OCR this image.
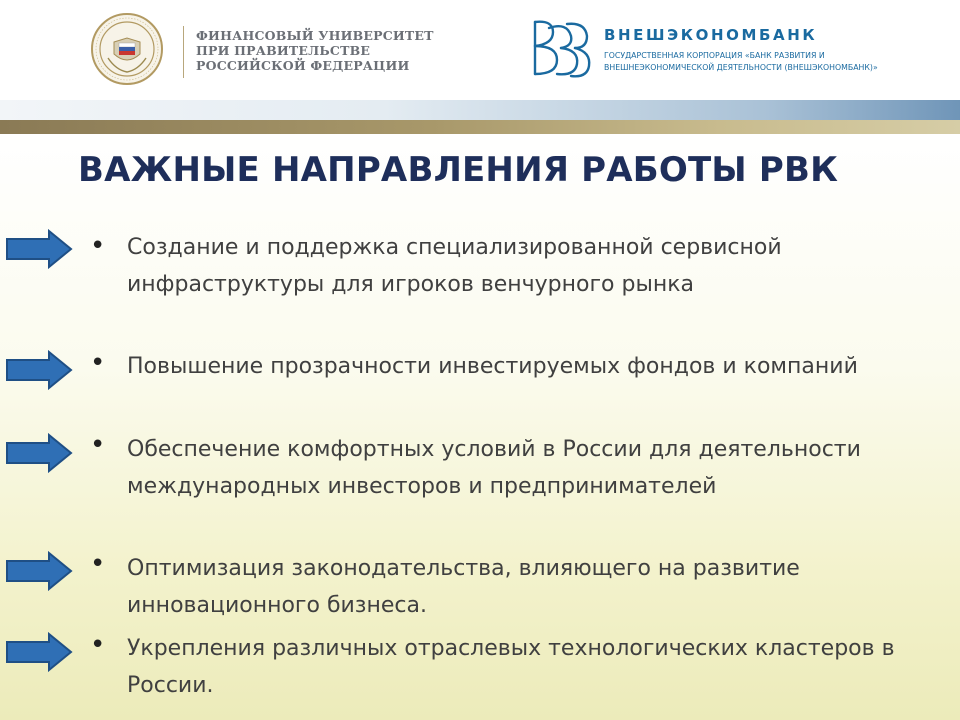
ФИНАНСОВЫЙ УНИВЕРСИТЕТ
ПРИ ПРАВИТЕЛЬСТВЕ
РОССИЙСКОЙ ФЕДЕРАЦИИ
ВНЕШЭКОНОМБАНК
ГОСУДАРСТВЕННАЯ КОРПОРАЦИЯ «БАНК РАЗВИТИЯ И
ВНЕШНЕЭКОНОМИЧЕСКОЙ ДЕЯТЕЛЬНОСТИ (ВНЕШЭКОНОМБАНК)»
ВАЖНЫЕ НАПРАВЛЕНИЯ РАБОТЫ РВК
• Создание и поддержка специализированной сервисной инфраструктуры для игроков венчурного рынка
• Повышение прозрачности инвестируемых фондов и компаний
• Обеспечение комфортных условий в России для деятельности международных инвесторов и предпринимателей
• Оптимизация законодательства, влияющего на развитие инновационного бизнеса.
• Укрепления различных отраслевых технологических кластеров в России.
